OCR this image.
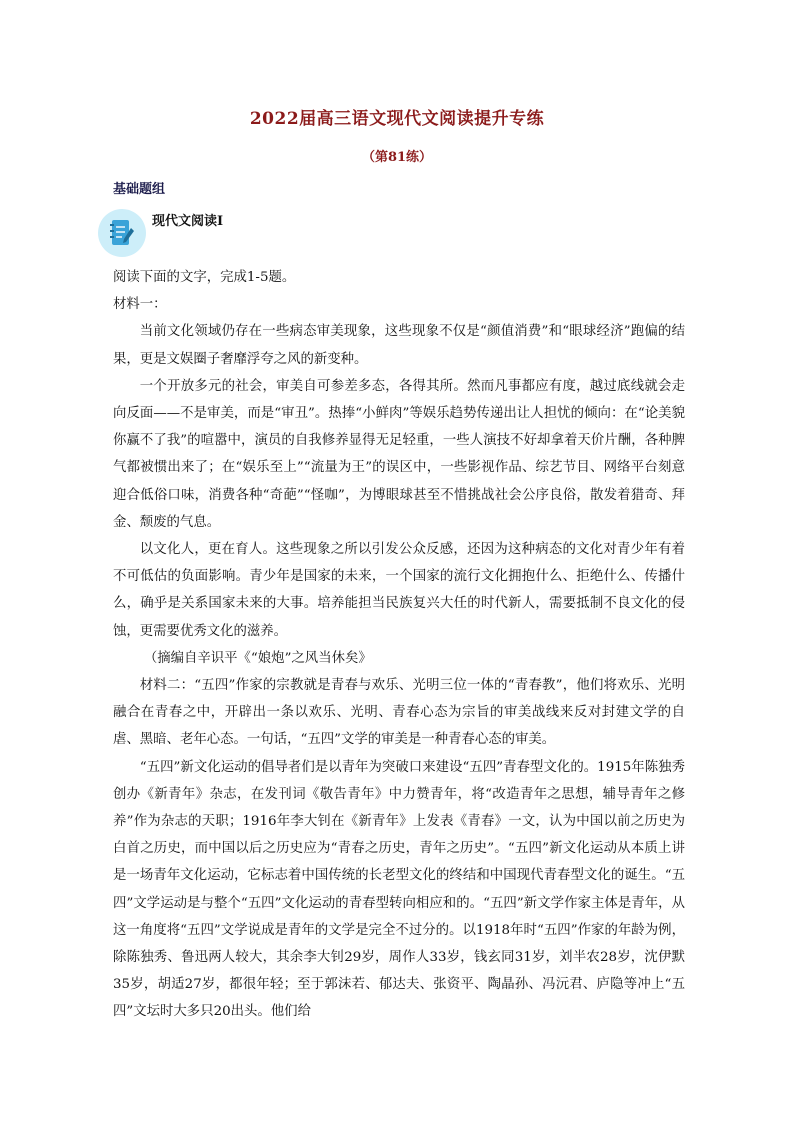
2022届高三语文现代文阅读提升专练
（第81练）
基础题组
现代文阅读Ⅰ

阅读下面的文字，完成1-5题。

材料一：

当前文化领域仍存在一些病态审美现象，这些现象不仅是“颜值消费”和“眼球经济”跑偏的结果，更是文娱圈子奢靡浮夸之风的新变种。

一个开放多元的社会，审美自可参差多态，各得其所。然而凡事都应有度，越过底线就会走向反面——不是审美，而是“审丑”。热捧“小鲜肉”等娱乐趋势传递出让人担忧的倾向：在“论美貌你赢不了我”的喧嚣中，演员的自我修养显得无足轻重，一些人演技不好却拿着天价片酬，各种脾气都被惯出来了；在“娱乐至上”“流量为王”的误区中，一些影视作品、综艺节目、网络平台刻意迎合低俗口味，消费各种“奇葩”“怪咖”，为博眼球甚至不惜挑战社会公序良俗，散发着猎奇、拜金、颓废的气息。

以文化人，更在育人。这些现象之所以引发公众反感，还因为这种病态的文化对青少年有着不可低估的负面影响。青少年是国家的未来，一个国家的流行文化拥抱什么、拒绝什么、传播什么，确乎是关系国家未来的大事。培养能担当民族复兴大任的时代新人，需要抵制不良文化的侵蚀，更需要优秀文化的滋养。

（摘编自辛识平《“娘炮”之风当休矣》

材料二：“五四”作家的宗教就是青春与欢乐、光明三位一体的“青春教”，他们将欢乐、光明融合在青春之中，开辟出一条以欢乐、光明、青春心态为宗旨的审美战线来反对封建文学的自虐、黑暗、老年心态。一句话，“五四”文学的审美是一种青春心态的审美。

“五四”新文化运动的倡导者们是以青年为突破口来建设“五四”青春型文化的。1915年陈独秀创办《新青年》杂志，在发刊词《敬告青年》中力赞青年，将“改造青年之思想，辅导青年之修养”作为杂志的天职；1916年李大钊在《新青年》上发表《青春》一文，认为中国以前之历史为白首之历史，而中国以后之历史应为“青春之历史，青年之历史”。“五四”新文化运动从本质上讲是一场青年文化运动，它标志着中国传统的长老型文化的终结和中国现代青春型文化的诞生。“五四”文学运动是与整个“五四”文化运动的青春型转向相应和的。“五四”新文学作家主体是青年，从这一角度将“五四”文学说成是青年的文学是完全不过分的。以1918年时“五四”作家的年龄为例，除陈独秀、鲁迅两人较大，其余李大钊29岁，周作人33岁，钱玄同31岁，刘半农28岁，沈伊默35岁，胡适27岁，都很年轻；至于郭沫若、郁达夫、张资平、陶晶孙、冯沅君、庐隐等冲上“五四”文坛时大多只20出头。他们给
